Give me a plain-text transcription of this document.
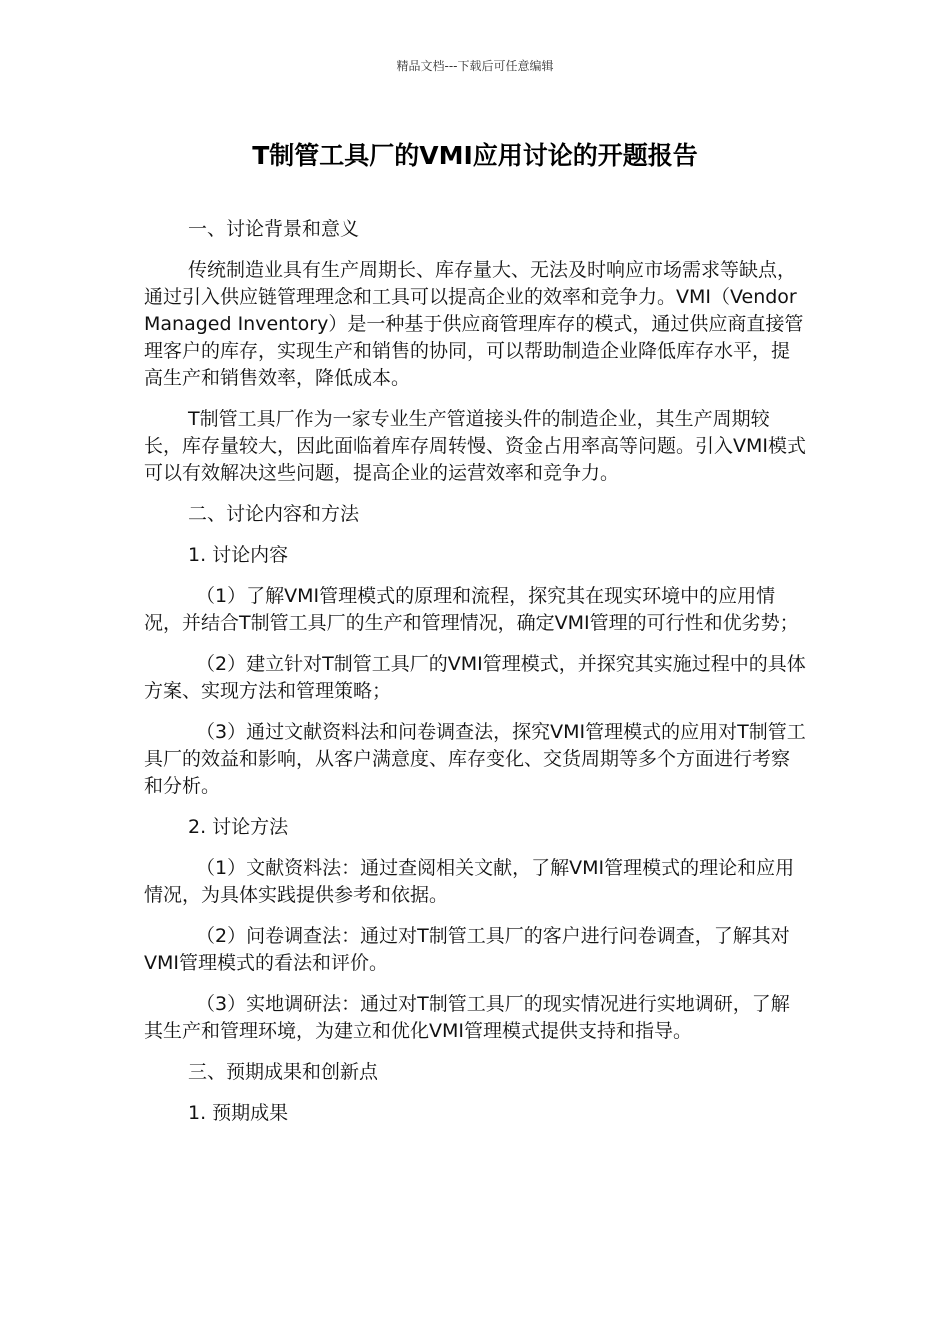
精品文档---下载后可任意编辑
T制管工具厂的VMI应用讨论的开题报告

一、讨论背景和意义

传统制造业具有生产周期长、库存量大、无法及时响应市场需求等缺点，通过引入供应链管理理念和工具可以提高企业的效率和竞争力。VMI（Vendor Managed Inventory）是一种基于供应商管理库存的模式，通过供应商直接管理客户的库存，实现生产和销售的协同，可以帮助制造企业降低库存水平，提高生产和销售效率，降低成本。

T制管工具厂作为一家专业生产管道接头件的制造企业，其生产周期较长，库存量较大，因此面临着库存周转慢、资金占用率高等问题。引入VMI模式可以有效解决这些问题，提高企业的运营效率和竞争力。

二、讨论内容和方法

1. 讨论内容

（1）了解VMI管理模式的原理和流程，探究其在现实环境中的应用情况，并结合T制管工具厂的生产和管理情况，确定VMI管理的可行性和优劣势；

（2）建立针对T制管工具厂的VMI管理模式，并探究其实施过程中的具体方案、实现方法和管理策略；

（3）通过文献资料法和问卷调查法，探究VMI管理模式的应用对T制管工具厂的效益和影响，从客户满意度、库存变化、交货周期等多个方面进行考察和分析。

2. 讨论方法

（1）文献资料法：通过查阅相关文献，了解VMI管理模式的理论和应用情况，为具体实践提供参考和依据。

（2）问卷调查法：通过对T制管工具厂的客户进行问卷调查，了解其对VMI管理模式的看法和评价。

（3）实地调研法：通过对T制管工具厂的现实情况进行实地调研，了解其生产和管理环境，为建立和优化VMI管理模式提供支持和指导。

三、预期成果和创新点

1. 预期成果
